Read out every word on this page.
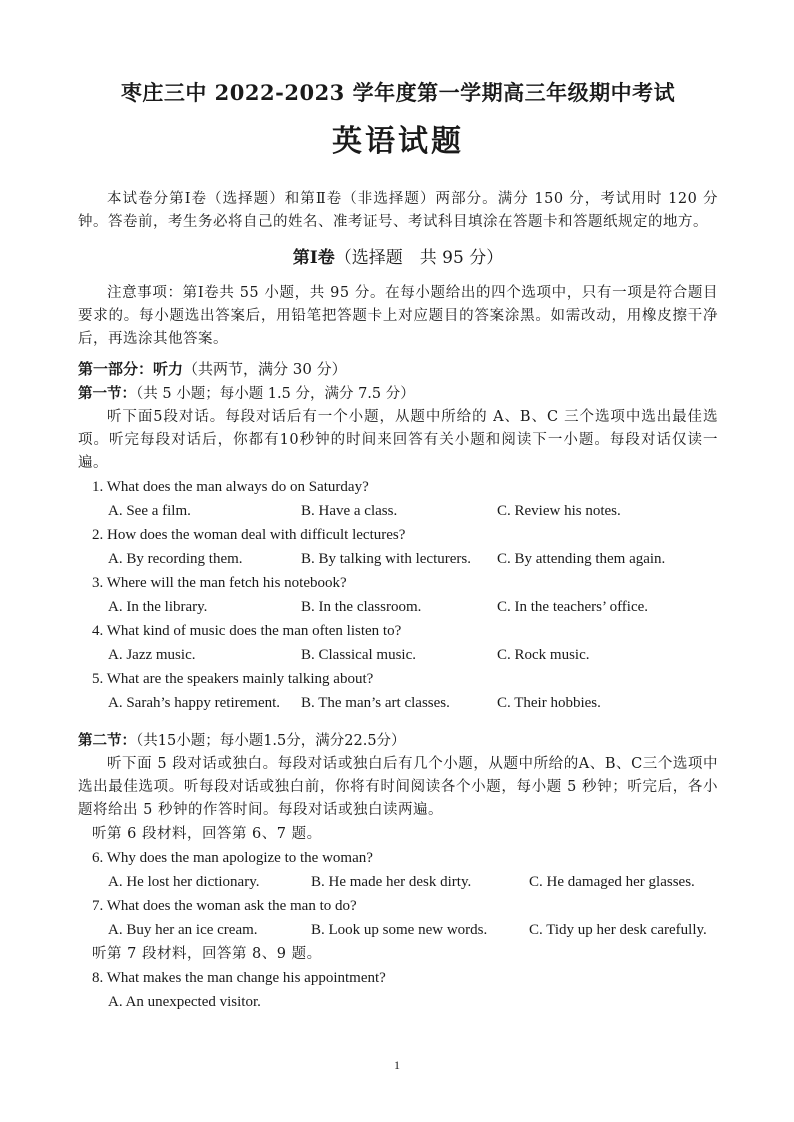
枣庄三中 2022-2023 学年度第一学期高三年级期中考试
英语试题

本试卷分第Ⅰ卷（选择题）和第Ⅱ卷（非选择题）两部分。满分 150 分，考试用时 120 分钟。答卷前，考生务必将自己的姓名、准考证号、考试科目填涂在答题卡和答题纸规定的地方。

第Ⅰ卷（选择题　共 95 分）

注意事项：第Ⅰ卷共 55 小题，共 95 分。在每小题给出的四个选项中，只有一项是符合题目要求的。每小题选出答案后，用铅笔把答题卡上对应题目的答案涂黑。如需改动，用橡皮擦干净后，再选涂其他答案。

第一部分：听力（共两节，满分 30 分）

第一节：（共 5 小题；每小题 1.5 分，满分 7.5 分）

听下面5段对话。每段对话后有一个小题，从题中所给的 A、B、C 三个选项中选出最佳选项。听完每段对话后，你都有10秒钟的时间来回答有关小题和阅读下一小题。每段对话仅读一遍。

1. What does the man always do on Saturday?

A. See a film.	B. Have a class.	C. Review his notes.

2. How does the woman deal with difficult lectures?

A. By recording them.	B. By talking with lecturers.	C. By attending them again.

3. Where will the man fetch his notebook?

A. In the library.	B. In the classroom.	C. In the teachers’ office.

4. What kind of music does the man often listen to?

A. Jazz music.	B. Classical music.	C. Rock music.

5. What are the speakers mainly talking about?

A. Sarah’s happy retirement.	B. The man’s art classes.	C. Their hobbies.

第二节：（共15小题；每小题1.5分，满分22.5分）

听下面 5 段对话或独白。每段对话或独白后有几个小题，从题中所给的A、B、C三个选项中选出最佳选项。听每段对话或独白前，你将有时间阅读各个小题，每小题 5 秒钟；听完后，各小题将给出 5 秒钟的作答时间。每段对话或独白读两遍。

听第 6 段材料，回答第 6、7 题。

6. Why does the man apologize to the woman?

A. He lost her dictionary.	B. He made her desk dirty.	C. He damaged her glasses.

7. What does the woman ask the man to do?

A. Buy her an ice cream.	B. Look up some new words.	C. Tidy up her desk carefully.

听第 7 段材料，回答第 8、9 题。

8. What makes the man change his appointment?

A. An unexpected visitor.
1
